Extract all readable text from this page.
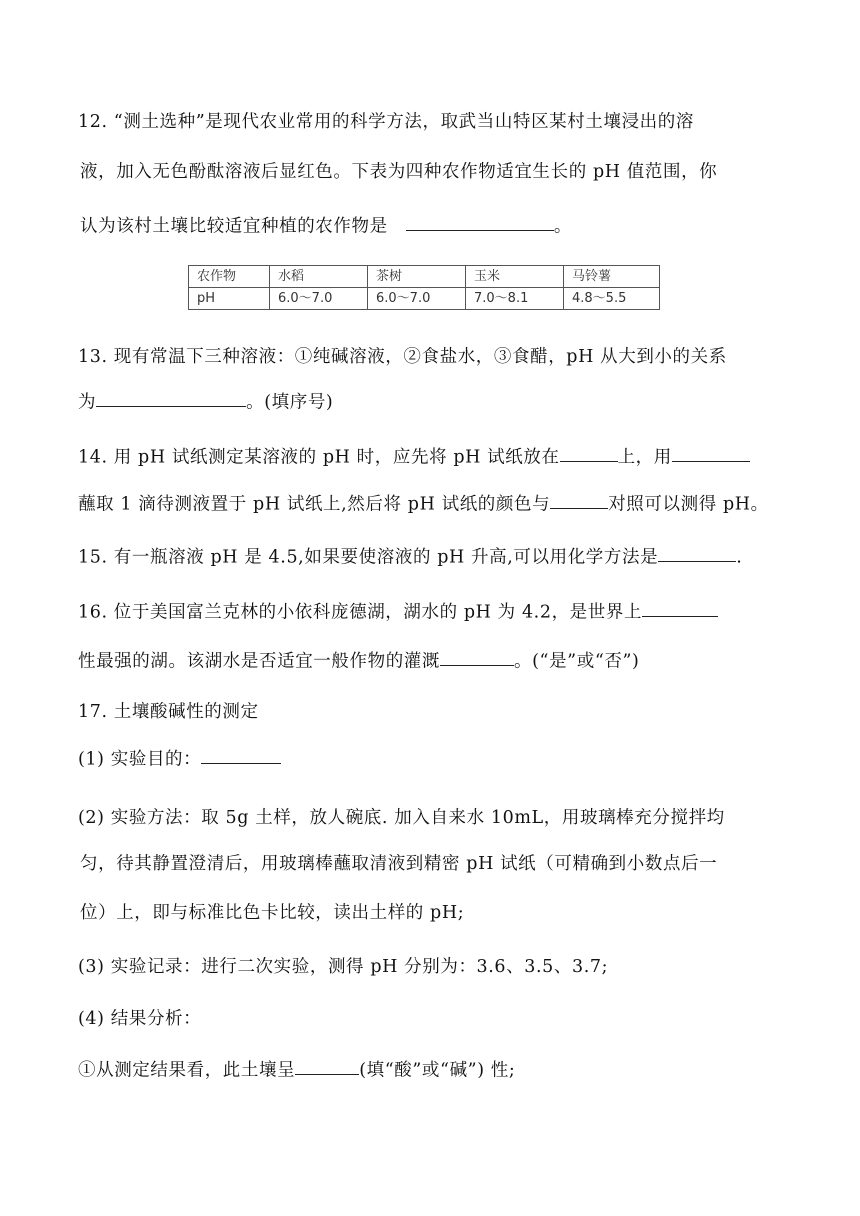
12. “测土选种”是现代农业常用的科学方法，取武当山特区某村土壤浸出的溶
液，加入无色酚酞溶液后显红色。下表为四种农作物适宜生长的 pH 值范围，你
认为该村土壤比较适宜种植的农作物是	。
农作物	水稻	茶树	玉米	马铃薯
pH	6.0～7.0	6.0～7.0	7.0～8.1	4.8～5.5
13. 现有常温下三种溶液：①纯碱溶液，②食盐水，③食醋，pH 从大到小的关系
为	。(填序号)
14. 用 pH 试纸测定某溶液的 pH 时，应先将 pH 试纸放在	上，用
蘸取 1 滴待测液置于 pH 试纸上,然后将 pH 试纸的颜色与	对照可以测得 pH。
15. 有一瓶溶液 pH 是 4.5,如果要使溶液的 pH 升高,可以用化学方法是	.
16. 位于美国富兰克林的小依科庞德湖，湖水的 pH 为 4.2，是世界上
性最强的湖。该湖水是否适宜一般作物的灌溉	。(“是”或“否”)
17. 土壤酸碱性的测定
(1) 实验目的：
(2) 实验方法：取 5g 土样，放人碗底. 加入自来水 10mL，用玻璃棒充分搅拌均
匀，待其静置澄清后，用玻璃棒蘸取清液到精密 pH 试纸（可精确到小数点后一
位）上，即与标准比色卡比较，读出土样的 pH;
(3) 实验记录：进行二次实验，测得 pH 分别为：3.6、3.5、3.7;
(4) 结果分析：
①从测定结果看，此土壤呈	(填“酸”或“碱”) 性;
